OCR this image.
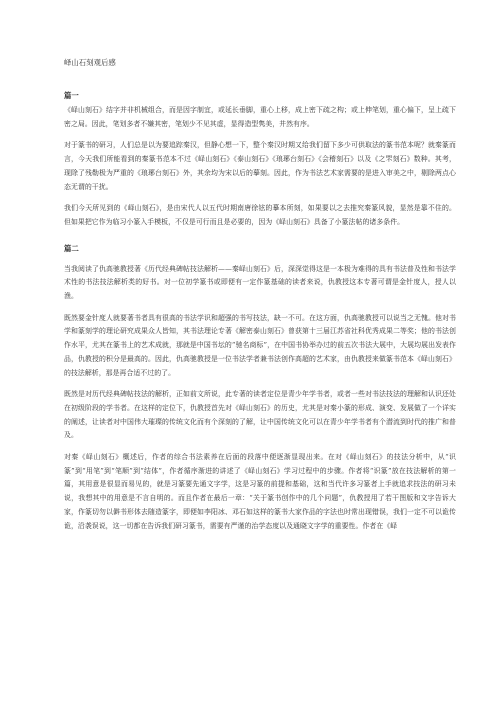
峄山石刻观后感
篇一

《峄山刻石》结字并非机械组合，而是因字制宜，或延长垂脚，重心上移，成上密下疏之构；或上伸笔划，重心偏下，呈上疏下密之局。因此，笔划多者不嫌其密，笔划少不见其虚，显得造型隽美，井然有序。

对于篆书的研习，人们总是以为要追踪秦汉，但静心想一下，整个秦汉时期又给我们留下多少可供取法的篆书范本呢？就秦篆而言，今天我们所能看到的秦篆书范本不过《峄山刻石》《泰山刻石》《琅琊台刻石》《会稽刻石》以及《之罘刻石》数种。其考，现除了残勒极为严重的《琅琊台刻石》外，其余均为宋以后的摹刻。因此，作为书法艺术家需要的是进入审美之中，剔除两点心态无谓的干扰。

我们今天所见到的《峄山刻石》，是由宋代人以五代时期南唐徐铉的摹本所刻，如果要以之去推究秦篆风貌，显然是靠不住的。但如果把它作为临习小篆入手模板，不仅是可行而且是必要的，因为《峄山刻石》具备了小篆法帖的诸多条件。

篇二

当我阅读了仇高驰教授著《历代经典碑帖技法解析——秦峄山刻石》后，深深觉得这是一本极为难得的具有书法普及性和书法学术性的书法技法解析类的好书。对一位初学篆书或即便有一定作篆基础的读者来说，仇教授这本专著可谓是金针度人，授人以渔。

既然要金针度人就要著书者具有很高的书法学识和超强的书写技法，缺一不可。在这方面，仇高驰教授可以说当之无愧。他对书学和篆刻学的理论研究成果众人皆知，其书法理论专著《解密泰山刻石》曾获第十三届江苏省社科优秀成果二等奖；他的书法创作水平，尤其在篆书上的艺术成就，那就是中国书坛的“驰名商标”，在中国书协举办过的前五次书法大展中，大展均展出发表作品，仇教授的积分是最高的。因此，仇高驰教授是一位书法学者兼书法创作高超的艺术家，由仇教授来做篆书范本《峄山刻石》的技法解析，那是再合适不过的了。

既然是对历代经典碑帖技法的解析，正如前文所说，此专著的读者定位是青少年学书者，或者一些对书法技法的理解和认识还处在初级阶段的学书者。在这样的定位下，仇教授首先对《峄山刻石》的历史，尤其是对秦小篆的形成、演变、发展做了一个详实的阐述，让读者对中国伟大璀璨的传统文化而有个深刻的了解，让中国传统文化可以在青少年学书者有个潜流到时代的推广和普及。

对秦《峄山刻石》概述后，作者的综合书法素养在后面的段落中便逐渐显现出来。在对《峄山刻石》的技法分析中，从“识篆”到“用笔”到“笔顺”到“结体”，作者循序渐进的讲述了《峄山刻石》学习过程中的步骤。作者将“识篆”放在技法解析的第一篇，其用意是很显而易见的，就是习篆要先通文字学，这是习篆的前提和基础，这和当代许多习篆者上手就追求技法的研习未说，我想其中的用意是不言自明的。而且作者在最后一章：“关于篆书创作中的几个问题”，仇教授用了若干图版和文字告诉大家，作篆切勿以僻书形体去随造篆字，即便如李阳冰、邓石如这样的篆书大家作品的字法也时常出现错误，我们一定不可以诡传诡，沿袭误说，这一切都在告诉我们研习篆书，需要有严谨的治学态度以及通晓文字学的重要性。作者在《峄
